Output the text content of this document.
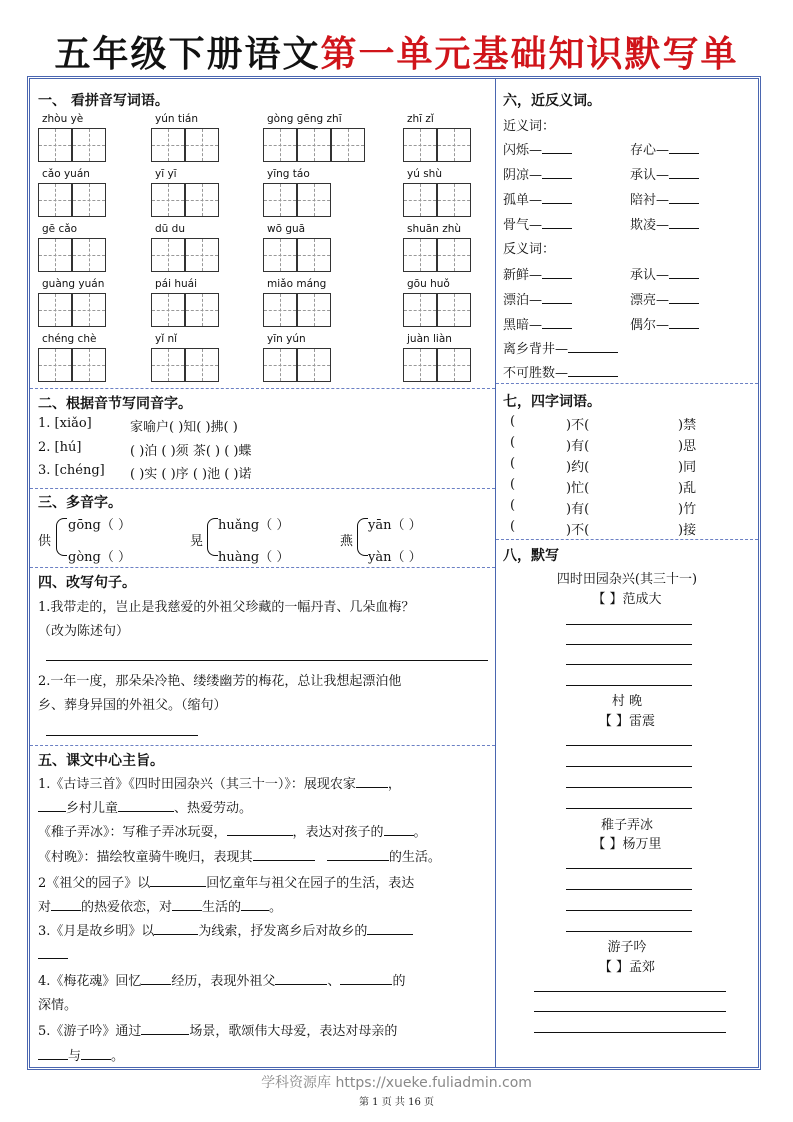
五年级下册语文第一单元基础知识默写单
一、 看拼音写词语。
zhòu yè	yún tián	gòng gēng zhī	zhī zǐ
cǎo yuán	yī yī	yīng táo	yú shù
gē cǎo	dū du	wō guā	shuān zhù
guàng yuán	pái huái	miǎo máng	gōu huǒ
chéng chè	yǐ nǐ	yīn yún	juàn liàn
二、根据音节写同音字。
1. [xiǎo]	家喻户( )知( )拂( )
2. [hú]	( )泊 ( )须 茶( ) ( )蝶
3. [chéng] ( )实 ( )序 ( )池 ( )诺
三、多音字。
供
gōng（ ）
gòng（ ）
晃
huǎng（ ）
huàng（ ）
燕
yān（ ）
yàn（ ）
四、改写句子。
1.我带走的，岂止是我慈爱的外祖父珍藏的一幅丹青、几朵血梅？
（改为陈述句）
2.一年一度，那朵朵冷艳、缕缕幽芳的梅花，总让我想起漂泊他
乡、葬身异国的外祖父。（缩句）
五、课文中心主旨。
1.《古诗三首》《四时田园杂兴（其三十一）》：展现农家 ，
乡村儿童	、热爱劳动。
《稚子弄冰》：写稚子弄冰玩耍，	，表达对孩子的 。
《村晚》：描绘牧童骑牛晚归，表现其	的生活。
2《祖父的园子》以	回忆童年与祖父在园子的生活，表达
对 的热爱依恋，对 生活的 。
3.《月是故乡明》以	为线索，抒发离乡后对故乡的
4.《梅花魂》回忆 经历，表现外祖父	、	的
深情。
5.《游子吟》通过	场景，歌颂伟大母爱，表达对母亲的
与 。
六，近反义词。
近义词：
闪烁—	存心—
阴凉—	承认—
孤单—	陪衬—
骨气—	欺凌—
反义词：
新鲜—	承认—
漂泊—	漂亮—
黑暗—	偶尔—
离乡背井—
不可胜数—
七，四字词语。
(	)不(	)禁
(	)有(	)思
(	)约(	)同
(	)忙(	)乱
(	)有(	)竹
(	)不(	)接
八，默写
四时田园杂兴(其三十一)
【 】范成大
村 晚
【 】雷震
稚子弄冰
【 】杨万里
游子吟
【 】孟郊
学科资源库 https://xueke.fuliadmin.com
第 1 页 共 16 页
